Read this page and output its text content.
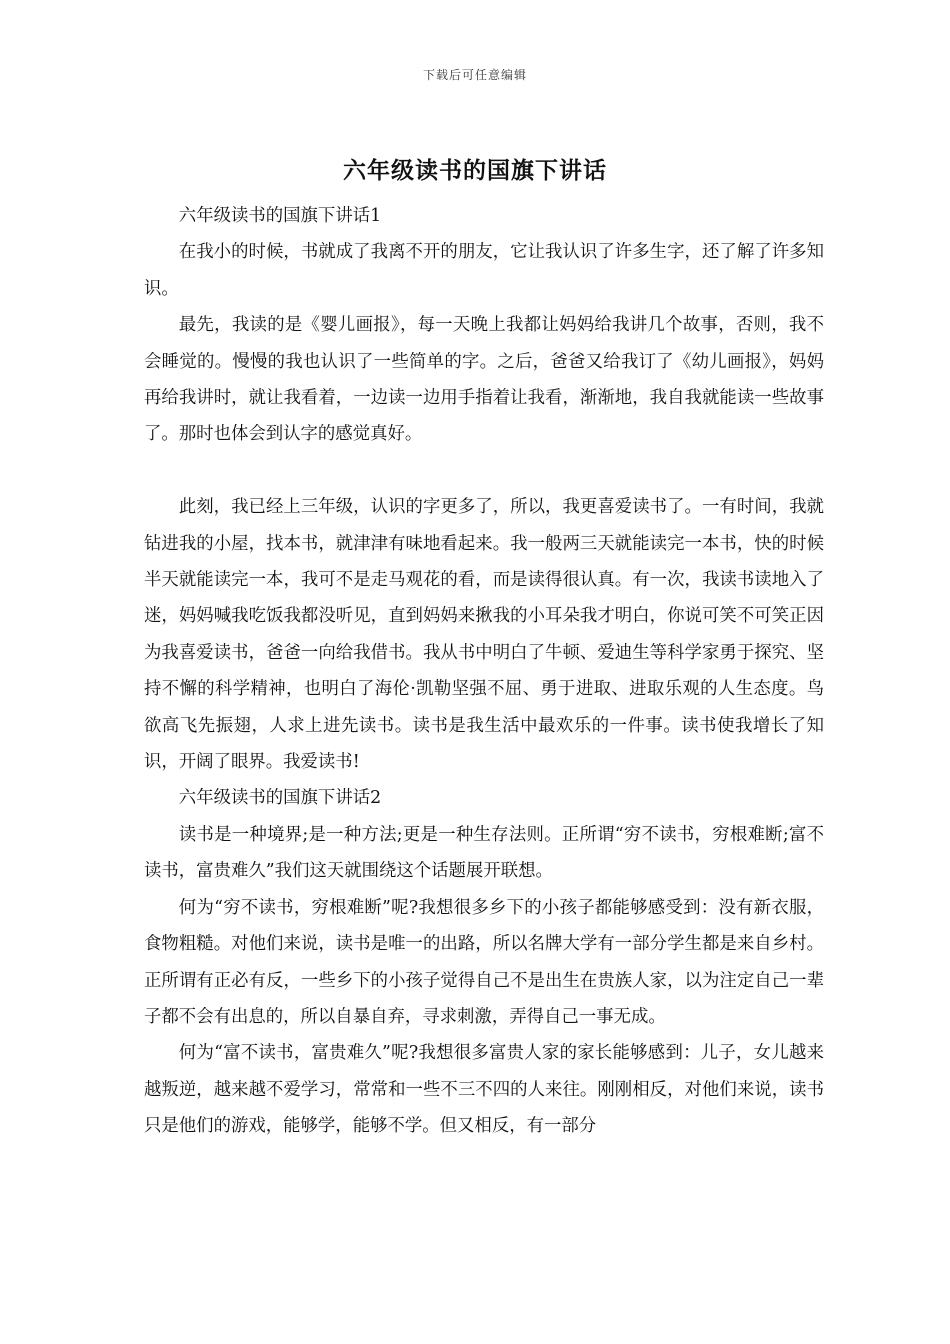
下载后可任意编辑
六年级读书的国旗下讲话

六年级读书的国旗下讲话1

在我小的时候，书就成了我离不开的朋友，它让我认识了许多生字，还了解了许多知识。

最先，我读的是《婴儿画报》，每一天晚上我都让妈妈给我讲几个故事，否则，我不会睡觉的。慢慢的我也认识了一些简单的字。之后，爸爸又给我订了《幼儿画报》，妈妈再给我讲时，就让我看着，一边读一边用手指着让我看，渐渐地，我自我就能读一些故事了。那时也体会到认字的感觉真好。

此刻，我已经上三年级，认识的字更多了，所以，我更喜爱读书了。一有时间，我就钻进我的小屋，找本书，就津津有味地看起来。我一般两三天就能读完一本书，快的时候半天就能读完一本，我可不是走马观花的看，而是读得很认真。有一次，我读书读地入了迷，妈妈喊我吃饭我都没听见，直到妈妈来揪我的小耳朵我才明白，你说可笑不可笑正因为我喜爱读书，爸爸一向给我借书。我从书中明白了牛顿、爱迪生等科学家勇于探究、坚持不懈的科学精神，也明白了海伦·凯勒坚强不屈、勇于进取、进取乐观的人生态度。鸟欲高飞先振翅，人求上进先读书。读书是我生活中最欢乐的一件事。读书使我增长了知识，开阔了眼界。我爱读书!

六年级读书的国旗下讲话2

读书是一种境界;是一种方法;更是一种生存法则。正所谓“穷不读书，穷根难断;富不读书，富贵难久”我们这天就围绕这个话题展开联想。

何为“穷不读书，穷根难断”呢?我想很多乡下的小孩子都能够感受到：没有新衣服，食物粗糙。对他们来说，读书是唯一的出路，所以名牌大学有一部分学生都是来自乡村。正所谓有正必有反，一些乡下的小孩子觉得自己不是出生在贵族人家，以为注定自己一辈子都不会有出息的，所以自暴自弃，寻求刺激，弄得自己一事无成。

何为“富不读书，富贵难久”呢?我想很多富贵人家的家长能够感到：儿子，女儿越来越叛逆，越来越不爱学习，常常和一些不三不四的人来往。刚刚相反，对他们来说，读书只是他们的游戏，能够学，能够不学。但又相反，有一部分
